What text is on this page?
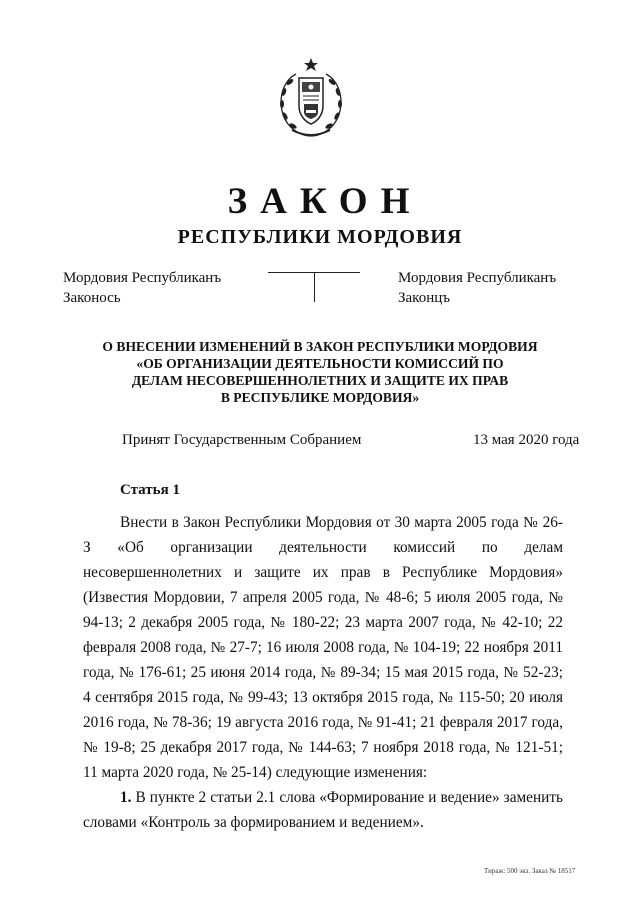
ЗАКОН
РЕСПУБЛИКИ МОРДОВИЯ
Мордовия Республиканъ
Законось
Мордовия Республиканъ
Законцъ
О ВНЕСЕНИИ ИЗМЕНЕНИЙ В ЗАКОН РЕСПУБЛИКИ МОРДОВИЯ
«ОБ ОРГАНИЗАЦИИ ДЕЯТЕЛЬНОСТИ КОМИССИЙ ПО
ДЕЛАМ НЕСОВЕРШЕННОЛЕТНИХ И ЗАЩИТЕ ИХ ПРАВ
В РЕСПУБЛИКЕ МОРДОВИЯ»
Принят Государственным Собранием	13 мая 2020 года
Статья 1

Внести в Закон Республики Мордовия от 30 марта 2005 года № 26-З «Об организации деятельности комиссий по делам несовершеннолетних и защите их прав в Республике Мордовия» (Известия Мордовии, 7 апреля 2005 года, № 48-6; 5 июля 2005 года, № 94-13; 2 декабря 2005 года, № 180-22; 23 марта 2007 года, № 42-10; 22 февраля 2008 года, № 27-7; 16 июля 2008 года, № 104-19; 22 ноября 2011 года, № 176-61; 25 июня 2014 года, № 89-34; 15 мая 2015 года, № 52-23; 4 сентября 2015 года, № 99-43; 13 октября 2015 года, № 115-50; 20 июля 2016 года, № 78-36; 19 августа 2016 года, № 91-41; 21 февраля 2017 года, № 19-8; 25 декабря 2017 года, № 144-63; 7 ноября 2018 года, № 121-51; 11 марта 2020 года, № 25-14) следующие изменения:

1. В пункте 2 статьи 2.1 слова «Формирование и ведение» заменить словами «Контроль за формированием и ведением».

Тираж: 500 экз. Заказ № 18517
